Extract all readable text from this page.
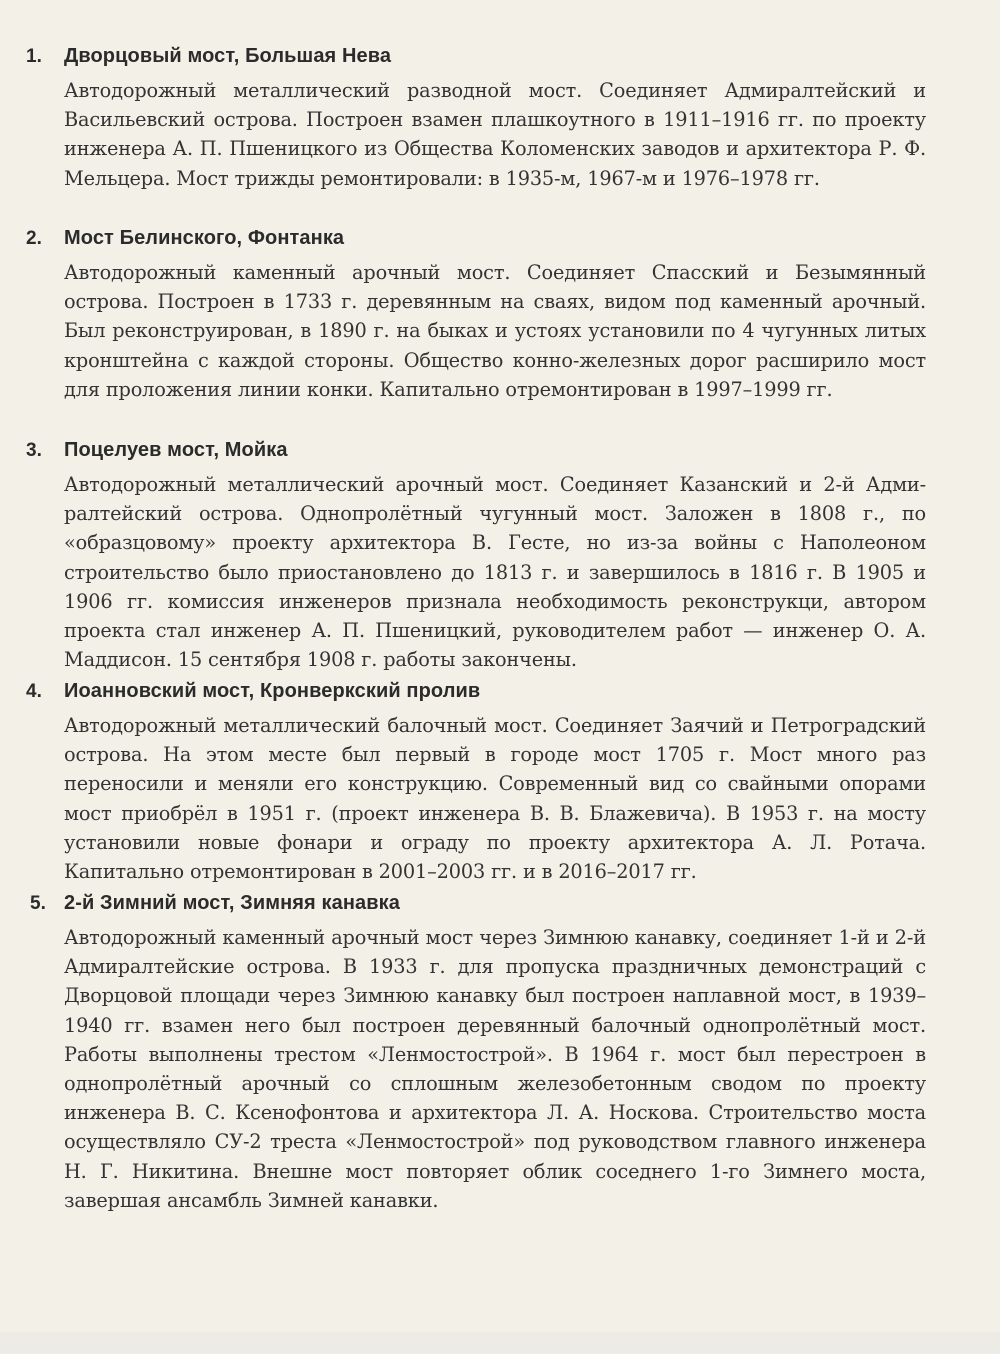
1. Дворцовый мост, Большая Нева
Автодорожный металлический разводной мост. Соединяет Адмиралтейский и Васильевский острова. Построен взамен плашкоутного в 1911–1916 гг. по проекту инженера А. П. Пшеницкого из Общества Коломенских заводов и архитектора Р. Ф. Мельцера. Мост трижды ремонтировали: в 1935-м, 1967-м и 1976–1978 гг.
2. Мост Белинского, Фонтанка
Автодорожный каменный арочный мост. Соединяет Спасский и Безымянный острова. Построен в 1733 г. деревянным на сваях, видом под каменный арочный. Был реконструирован, в 1890 г. на быках и устоях установили по 4 чугунных литых кронштейна с каждой стороны. Общество конно-железных дорог расширило мост для проложения линии конки. Капитально отремонтирован в 1997–1999 гг.
3. Поцелуев мост, Мойка
Автодорожный металлический арочный мост. Соединяет Казанский и 2-й Адми-ралтейский острова. Однопролётный чугунный мост. Заложен в 1808 г., по «образцовому» проекту архитектора В. Гесте, но из-за войны с Наполеоном строительство было приостановлено до 1813 г. и завершилось в 1816 г. В 1905 и 1906 гг. комиссия инженеров признала необходимость реконструкци, автором проекта стал инженер А. П. Пшеницкий, руководителем работ — инженер О. А. Маддисон. 15 сентября 1908 г. работы закончены.
4. Иоанновский мост, Кронверкский пролив
Автодорожный металлический балочный мост. Соединяет Заячий и Петроградский острова. На этом месте был первый в городе мост 1705 г. Мост много раз переносили и меняли его конструкцию. Современный вид со свайными опорами мост приобрёл в 1951 г. (проект инженера В. В. Блажевича). В 1953 г. на мосту установили новые фонари и ограду по проекту архитектора А. Л. Ротача. Капитально отремонтирован в 2001–2003 гг. и в 2016–2017 гг.
5. 2-й Зимний мост, Зимняя канавка
Автодорожный каменный арочный мост через Зимнюю канавку, соединяет 1-й и 2-й Адмиралтейские острова. В 1933 г. для пропуска праздничных демонстраций с Дворцовой площади через Зимнюю канавку был построен наплавной мост, в 1939–1940 гг. взамен него был построен деревянный балочный однопролётный мост. Работы выполнены трестом «Ленмостострой». В 1964 г. мост был перестроен в однопролётный арочный со сплошным железобетонным сводом по проекту инженера В. С. Ксенофонтова и архитектора Л. А. Носкова. Строительство моста осуществляло СУ-2 треста «Ленмостострой» под руководством главного инженера Н. Г. Никитина. Внешне мост повторяет облик соседнего 1-го Зимнего моста, завершая ансамбль Зимней канавки.
